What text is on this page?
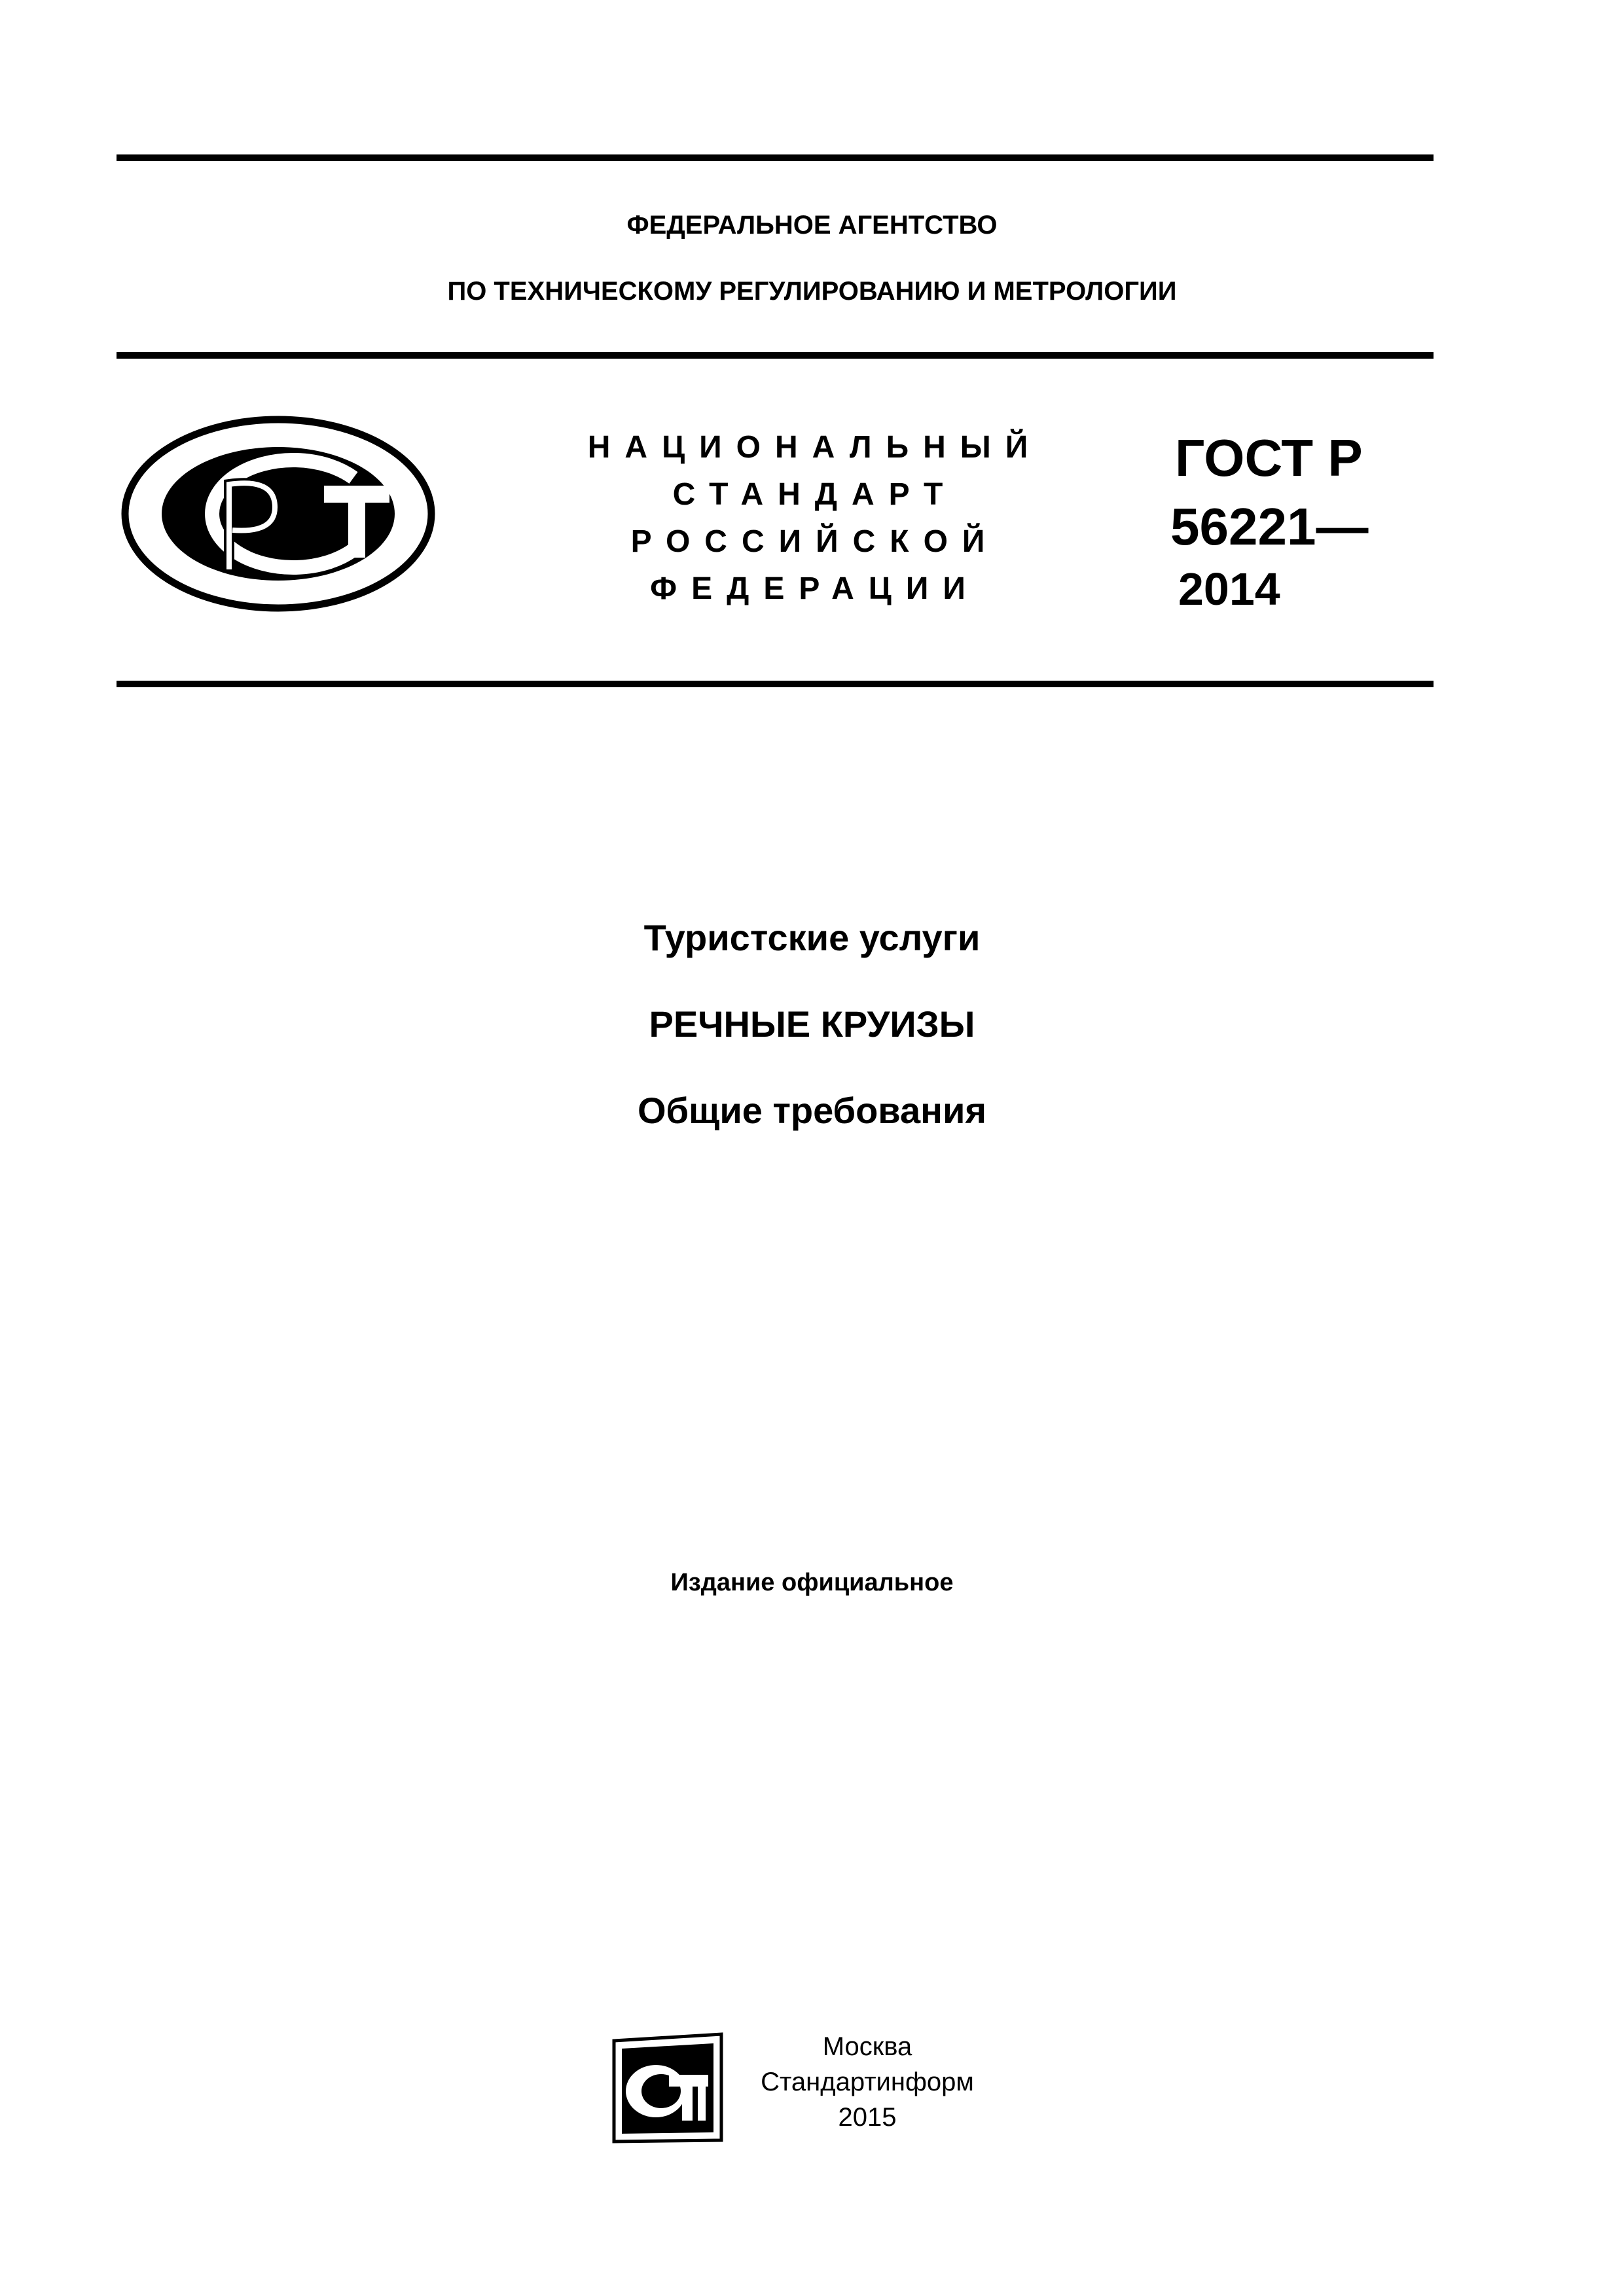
ФЕДЕРАЛЬНОЕ АГЕНТСТВО
ПО ТЕХНИЧЕСКОМУ РЕГУЛИРОВАНИЮ И МЕТРОЛОГИИ
НАЦИОНАЛЬНЫЙ
СТАНДАРТ
РОССИЙСКОЙ
ФЕДЕРАЦИИ
ГОСТ Р
56221—
2014
Туристские услуги
РЕЧНЫЕ КРУИЗЫ
Общие требования
Издание официальное
Москва
Стандартинформ
2015
